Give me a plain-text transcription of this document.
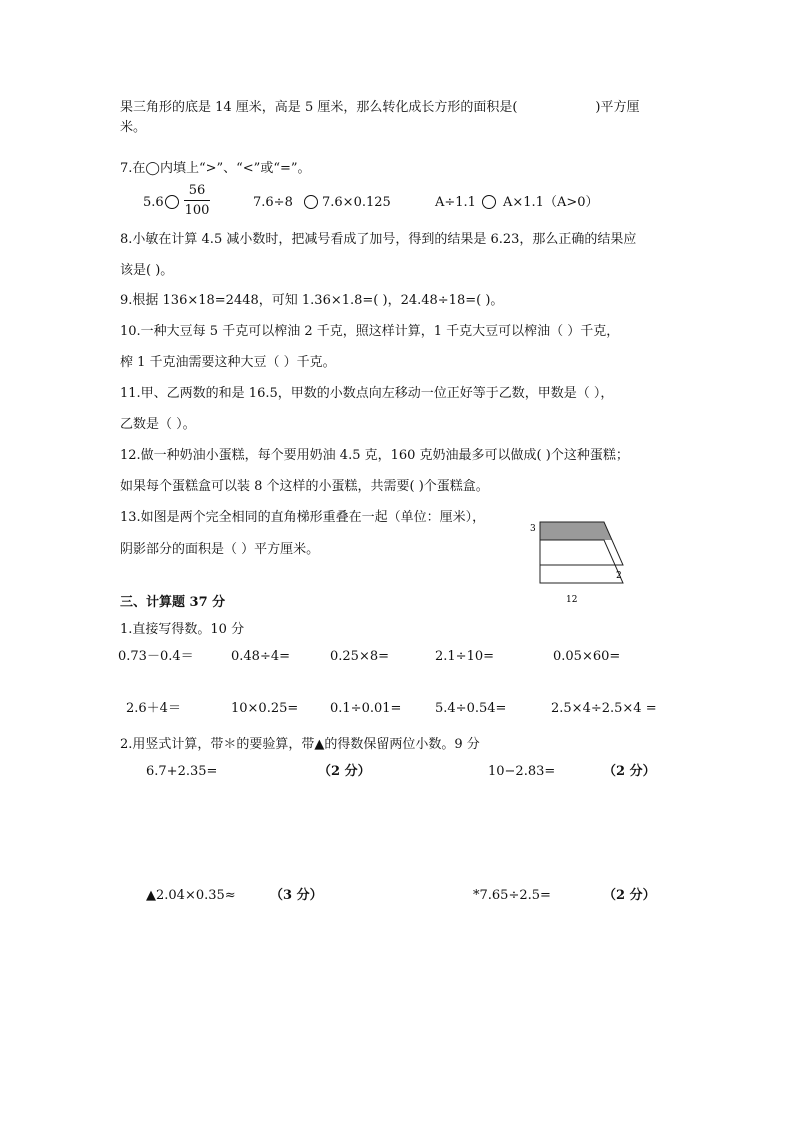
果三角形的底是 14 厘米，高是 5 厘米，那么转化成长方形的面积是(	)平方厘
米。
7.在◯内填上“>”、“<”或“=”。
5.6
56
100
7.6÷8 7.6×0.125	A÷1.1 A×1.1（A>0）
8.小敏在计算 4.5 减小数时，把减号看成了加号，得到的结果是 6.23，那么正确的结果应
该是( )。
9.根据 136×18=2448，可知 1.36×1.8=( )，24.48÷18=( )。
10.一种大豆每 5 千克可以榨油 2 千克，照这样计算，1 千克大豆可以榨油（ ）千克，
榨 1 千克油需要这种大豆（ ）千克。
11.甲、乙两数的和是 16.5，甲数的小数点向左移动一位正好等于乙数，甲数是（ ），
乙数是（ ）。
12.做一种奶油小蛋糕，每个要用奶油 4.5 克，160 克奶油最多可以做成( )个这种蛋糕；
如果每个蛋糕盒可以装 8 个这样的小蛋糕，共需要( )个蛋糕盒。
13.如图是两个完全相同的直角梯形重叠在一起（单位：厘米），
阴影部分的面积是（ ）平方厘米。
3
2
12
三、计算题 37 分
1.直接写得数。10 分
0.73－0.4＝	0.48÷4=	0.25×8=	2.1÷10=	0.05×60=
2.6＋4＝	10×0.25= 0.1÷0.01=	5.4÷0.54=	2.5×4÷2.5×4 =
2.用竖式计算，带＊的要验算，带▲的得数保留两位小数。9 分
6.7+2.35=	（2 分）	10−2.83=	（2 分）
▲2.04×0.35≈	（3 分）	*7.65÷2.5=	（2 分）
